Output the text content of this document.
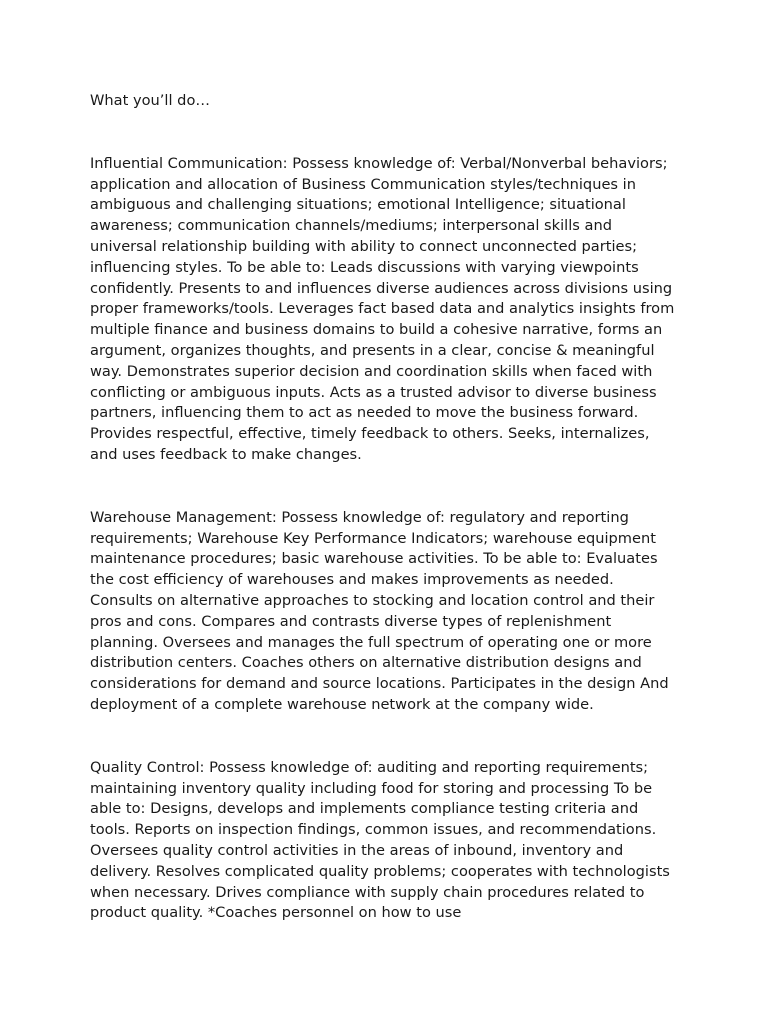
What you’ll do…

Influential Communication: Possess knowledge of: Verbal/Nonverbal behaviors; application and allocation of Business Communication styles/techniques in ambiguous and challenging situations; emotional Intelligence; situational awareness; communication channels/mediums; interpersonal skills and universal relationship building with ability to connect unconnected parties; influencing styles. To be able to: Leads discussions with varying viewpoints confidently. Presents to and influences diverse audiences across divisions using proper frameworks/tools. Leverages fact based data and analytics insights from multiple finance and business domains to build a cohesive narrative, forms an argument, organizes thoughts, and presents in a clear, concise & meaningful way. Demonstrates superior decision and coordination skills when faced with conflicting or ambiguous inputs. Acts as a trusted advisor to diverse business partners, influencing them to act as needed to move the business forward. Provides respectful, effective, timely feedback to others. Seeks, internalizes, and uses feedback to make changes.

Warehouse Management: Possess knowledge of: regulatory and reporting requirements; Warehouse Key Performance Indicators; warehouse equipment maintenance procedures; basic warehouse activities. To be able to: Evaluates the cost efficiency of warehouses and makes improvements as needed. Consults on alternative approaches to stocking and location control and their pros and cons. Compares and contrasts diverse types of replenishment planning. Oversees and manages the full spectrum of operating one or more distribution centers. Coaches others on alternative distribution designs and considerations for demand and source locations. Participates in the design And deployment of a complete warehouse network at the company wide.

Quality Control: Possess knowledge of: auditing and reporting requirements; maintaining inventory quality including food for storing and processing To be able to: Designs, develops and implements compliance testing criteria and tools. Reports on inspection findings, common issues, and recommendations. Oversees quality control activities in the areas of inbound, inventory and delivery. Resolves complicated quality problems; cooperates with technologists when necessary. Drives compliance with supply chain procedures related to product quality. *Coaches personnel on how to use
